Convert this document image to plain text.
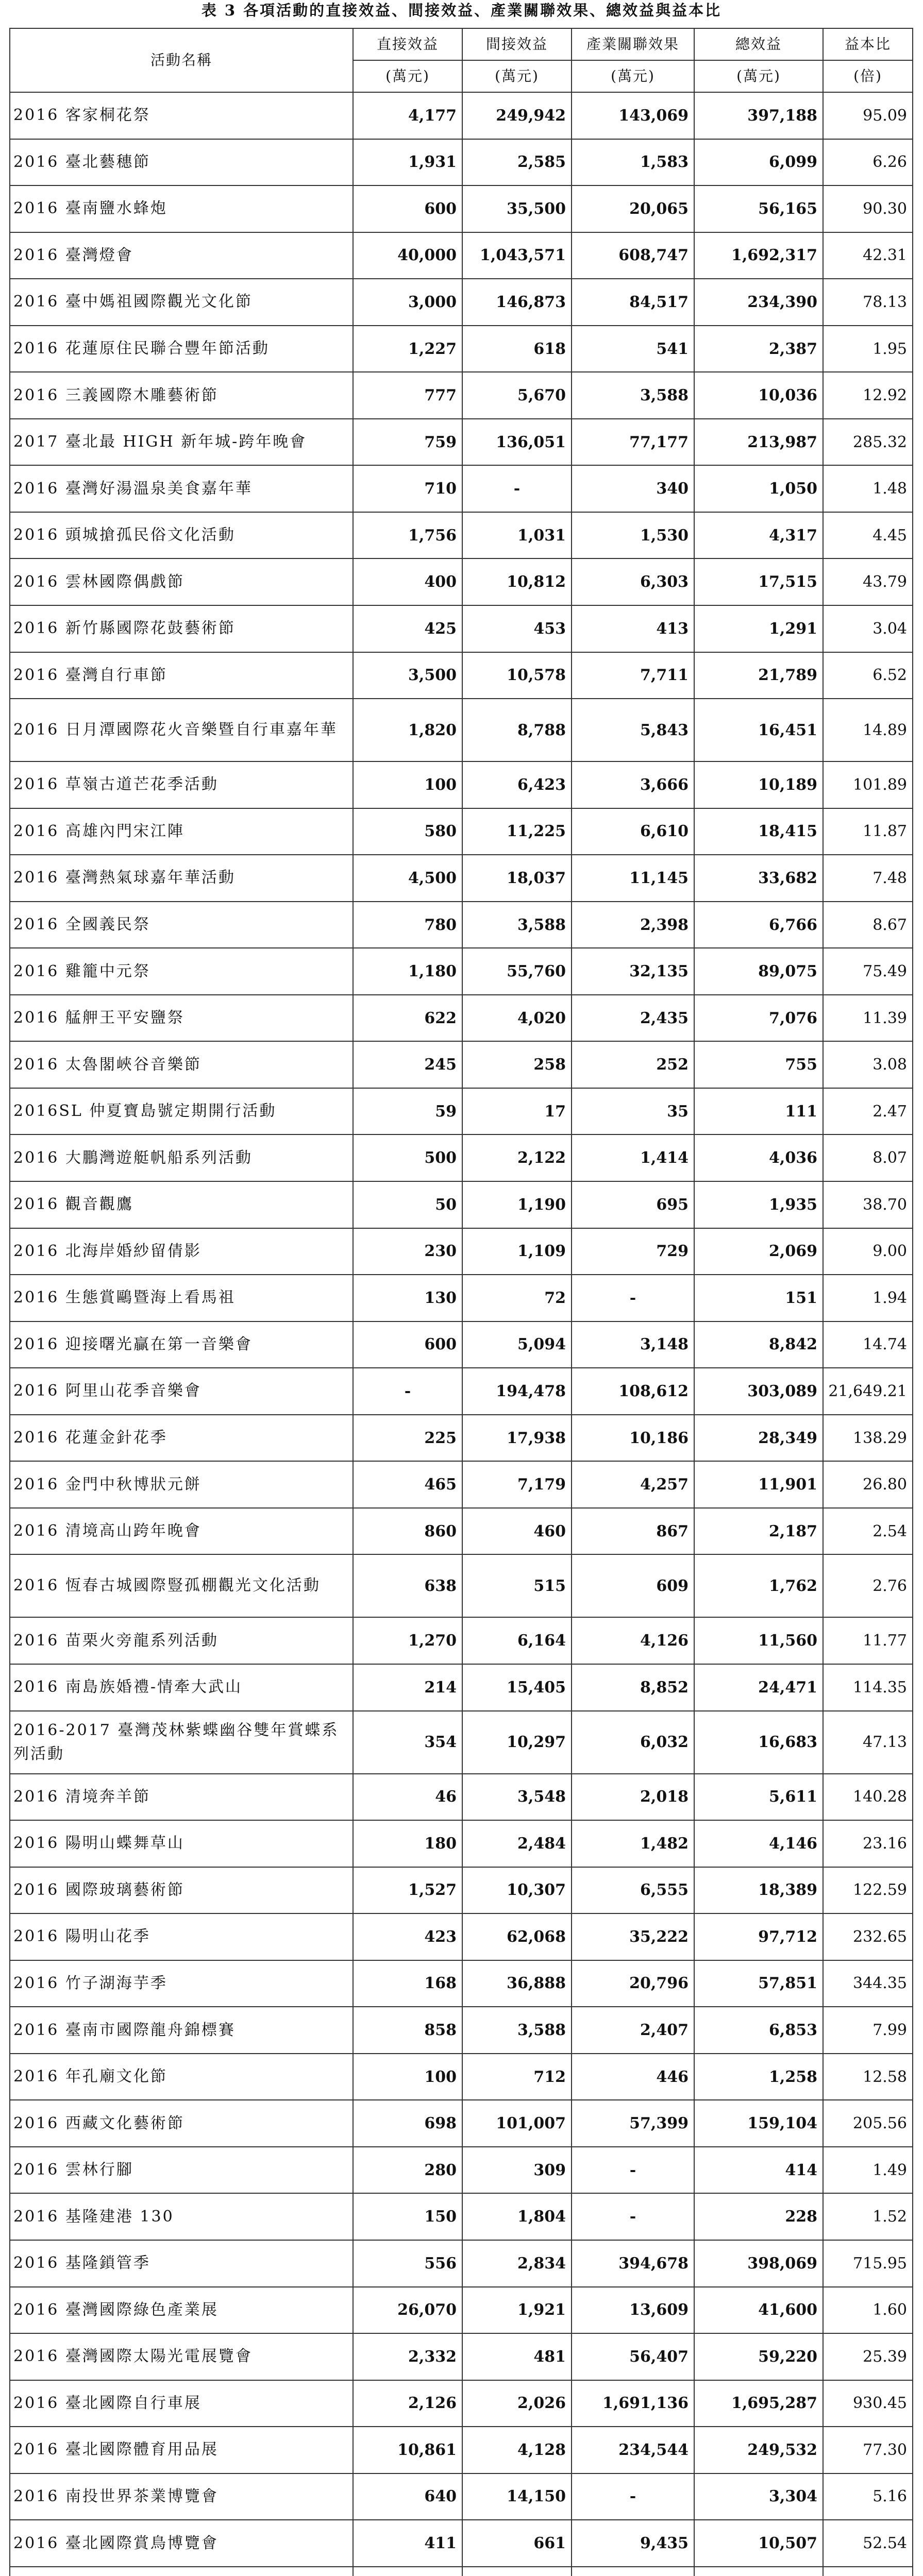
表 3 各項活動的直接效益、間接效益、產業關聯效果、總效益與益本比
活動名稱	直接效益	間接效益	產業關聯效果	總效益	益本比
	(萬元)	(萬元)	(萬元)	(萬元)	(倍)
2016 客家桐花祭	4,177	249,942	143,069	397,188	95.09
2016 臺北藝穗節	1,931	2,585	1,583	6,099	6.26
2016 臺南鹽水蜂炮	600	35,500	20,065	56,165	90.30
2016 臺灣燈會	40,000	1,043,571	608,747	1,692,317	42.31
2016 臺中媽祖國際觀光文化節	3,000	146,873	84,517	234,390	78.13
2016 花蓮原住民聯合豐年節活動	1,227	618	541	2,387	1.95
2016 三義國際木雕藝術節	777	5,670	3,588	10,036	12.92
2017 臺北最 HIGH 新年城-跨年晚會	759	136,051	77,177	213,987	285.32
2016 臺灣好湯溫泉美食嘉年華	710	-	340	1,050	1.48
2016 頭城搶孤民俗文化活動	1,756	1,031	1,530	4,317	4.45
2016 雲林國際偶戲節	400	10,812	6,303	17,515	43.79
2016 新竹縣國際花鼓藝術節	425	453	413	1,291	3.04
2016 臺灣自行車節	3,500	10,578	7,711	21,789	6.52
2016 日月潭國際花火音樂暨自行車嘉年華	1,820	8,788	5,843	16,451	14.89
2016 草嶺古道芒花季活動	100	6,423	3,666	10,189	101.89
2016 高雄內門宋江陣	580	11,225	6,610	18,415	11.87
2016 臺灣熱氣球嘉年華活動	4,500	18,037	11,145	33,682	7.48
2016 全國義民祭	780	3,588	2,398	6,766	8.67
2016 雞籠中元祭	1,180	55,760	32,135	89,075	75.49
2016 艋舺王平安鹽祭	622	4,020	2,435	7,076	11.39
2016 太魯閣峽谷音樂節	245	258	252	755	3.08
2016SL 仲夏寶島號定期開行活動	59	17	35	111	2.47
2016 大鵬灣遊艇帆船系列活動	500	2,122	1,414	4,036	8.07
2016 觀音觀鷹	50	1,190	695	1,935	38.70
2016 北海岸婚紗留倩影	230	1,109	729	2,069	9.00
2016 生態賞鷗暨海上看馬祖	130	72	-	151	1.94
2016 迎接曙光贏在第一音樂會	600	5,094	3,148	8,842	14.74
2016 阿里山花季音樂會	-	194,478	108,612	303,089	21,649.21
2016 花蓮金針花季	225	17,938	10,186	28,349	138.29
2016 金門中秋博狀元餅	465	7,179	4,257	11,901	26.80
2016 清境高山跨年晚會	860	460	867	2,187	2.54
2016 恆春古城國際豎孤棚觀光文化活動	638	515	609	1,762	2.76
2016 苗栗火旁龍系列活動	1,270	6,164	4,126	11,560	11.77
2016 南島族婚禮-情牽大武山	214	15,405	8,852	24,471	114.35
2016-2017 臺灣茂林紫蝶幽谷雙年賞蝶系列活動	354	10,297	6,032	16,683	47.13
2016 清境奔羊節	46	3,548	2,018	5,611	140.28
2016 陽明山蝶舞草山	180	2,484	1,482	4,146	23.16
2016 國際玻璃藝術節	1,527	10,307	6,555	18,389	122.59
2016 陽明山花季	423	62,068	35,222	97,712	232.65
2016 竹子湖海芋季	168	36,888	20,796	57,851	344.35
2016 臺南市國際龍舟錦標賽	858	3,588	2,407	6,853	7.99
2016 年孔廟文化節	100	712	446	1,258	12.58
2016 西藏文化藝術節	698	101,007	57,399	159,104	205.56
2016 雲林行腳	280	309	-	414	1.49
2016 基隆建港 130	150	1,804	-	228	1.52
2016 基隆鎖管季	556	2,834	394,678	398,069	715.95
2016 臺灣國際綠色產業展	26,070	1,921	13,609	41,600	1.60
2016 臺灣國際太陽光電展覽會	2,332	481	56,407	59,220	25.39
2016 臺北國際自行車展	2,126	2,026	1,691,136	1,695,287	930.45
2016 臺北國際體育用品展	10,861	4,128	234,544	249,532	77.30
2016 南投世界茶業博覽會	640	14,150	-	3,304	5.16
2016 臺北國際賞鳥博覽會	411	661	9,435	10,507	52.54
